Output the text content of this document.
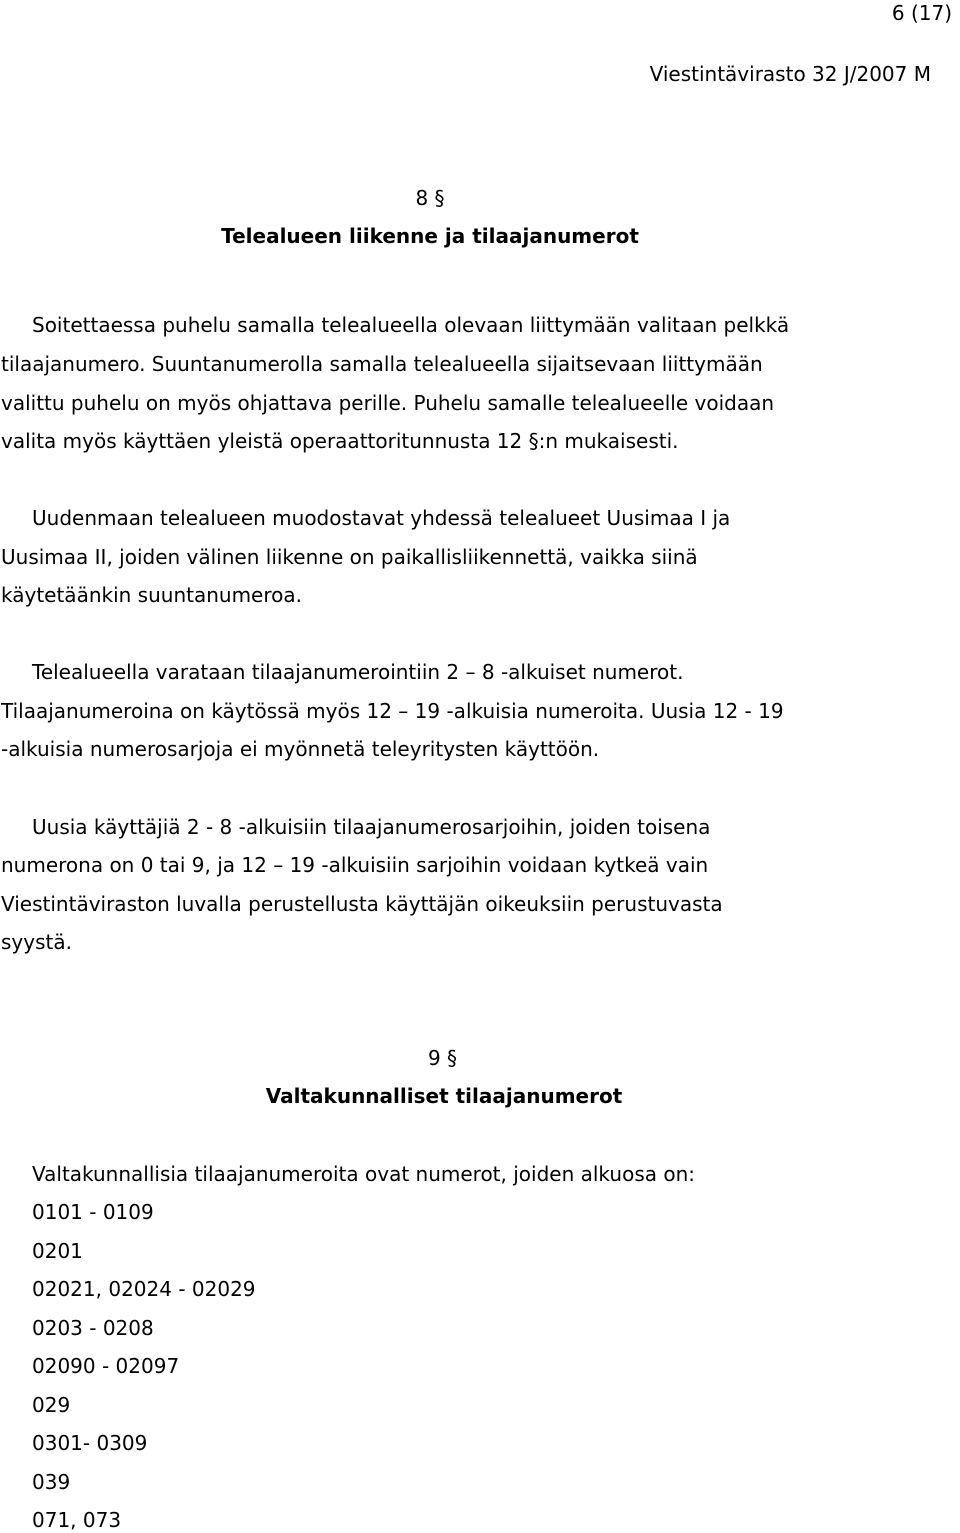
6 (17)
Viestintävirasto 32 J/2007 M
8 §
Telealueen liikenne ja tilaajanumerot
Soitettaessa puhelu samalla telealueella olevaan liittymään valitaan pelkkä
tilaajanumero. Suuntanumerolla samalla telealueella sijaitsevaan liittymään
valittu puhelu on myös ohjattava perille. Puhelu samalle telealueelle voidaan
valita myös käyttäen yleistä operaattoritunnusta 12 §:n mukaisesti.
Uudenmaan telealueen muodostavat yhdessä telealueet Uusimaa I ja
Uusimaa II, joiden välinen liikenne on paikallisliikennettä, vaikka siinä
käytetäänkin suuntanumeroa.
Telealueella varataan tilaajanumerointiin 2 – 8 -alkuiset numerot.
Tilaajanumeroina on käytössä myös 12 – 19 -alkuisia numeroita. Uusia 12 - 19
-alkuisia numerosarjoja ei myönnetä teleyritysten käyttöön.
Uusia käyttäjiä 2 - 8 -alkuisiin tilaajanumerosarjoihin, joiden toisena
numerona on 0 tai 9, ja 12 – 19 -alkuisiin sarjoihin voidaan kytkeä vain
Viestintäviraston luvalla perustellusta käyttäjän oikeuksiin perustuvasta
syystä.
9 §
Valtakunnalliset tilaajanumerot
Valtakunnallisia tilaajanumeroita ovat numerot, joiden alkuosa on:
0101 - 0109
0201
02021, 02024 - 02029
0203 - 0208
02090 - 02097
029
0301- 0309
039
071, 073
